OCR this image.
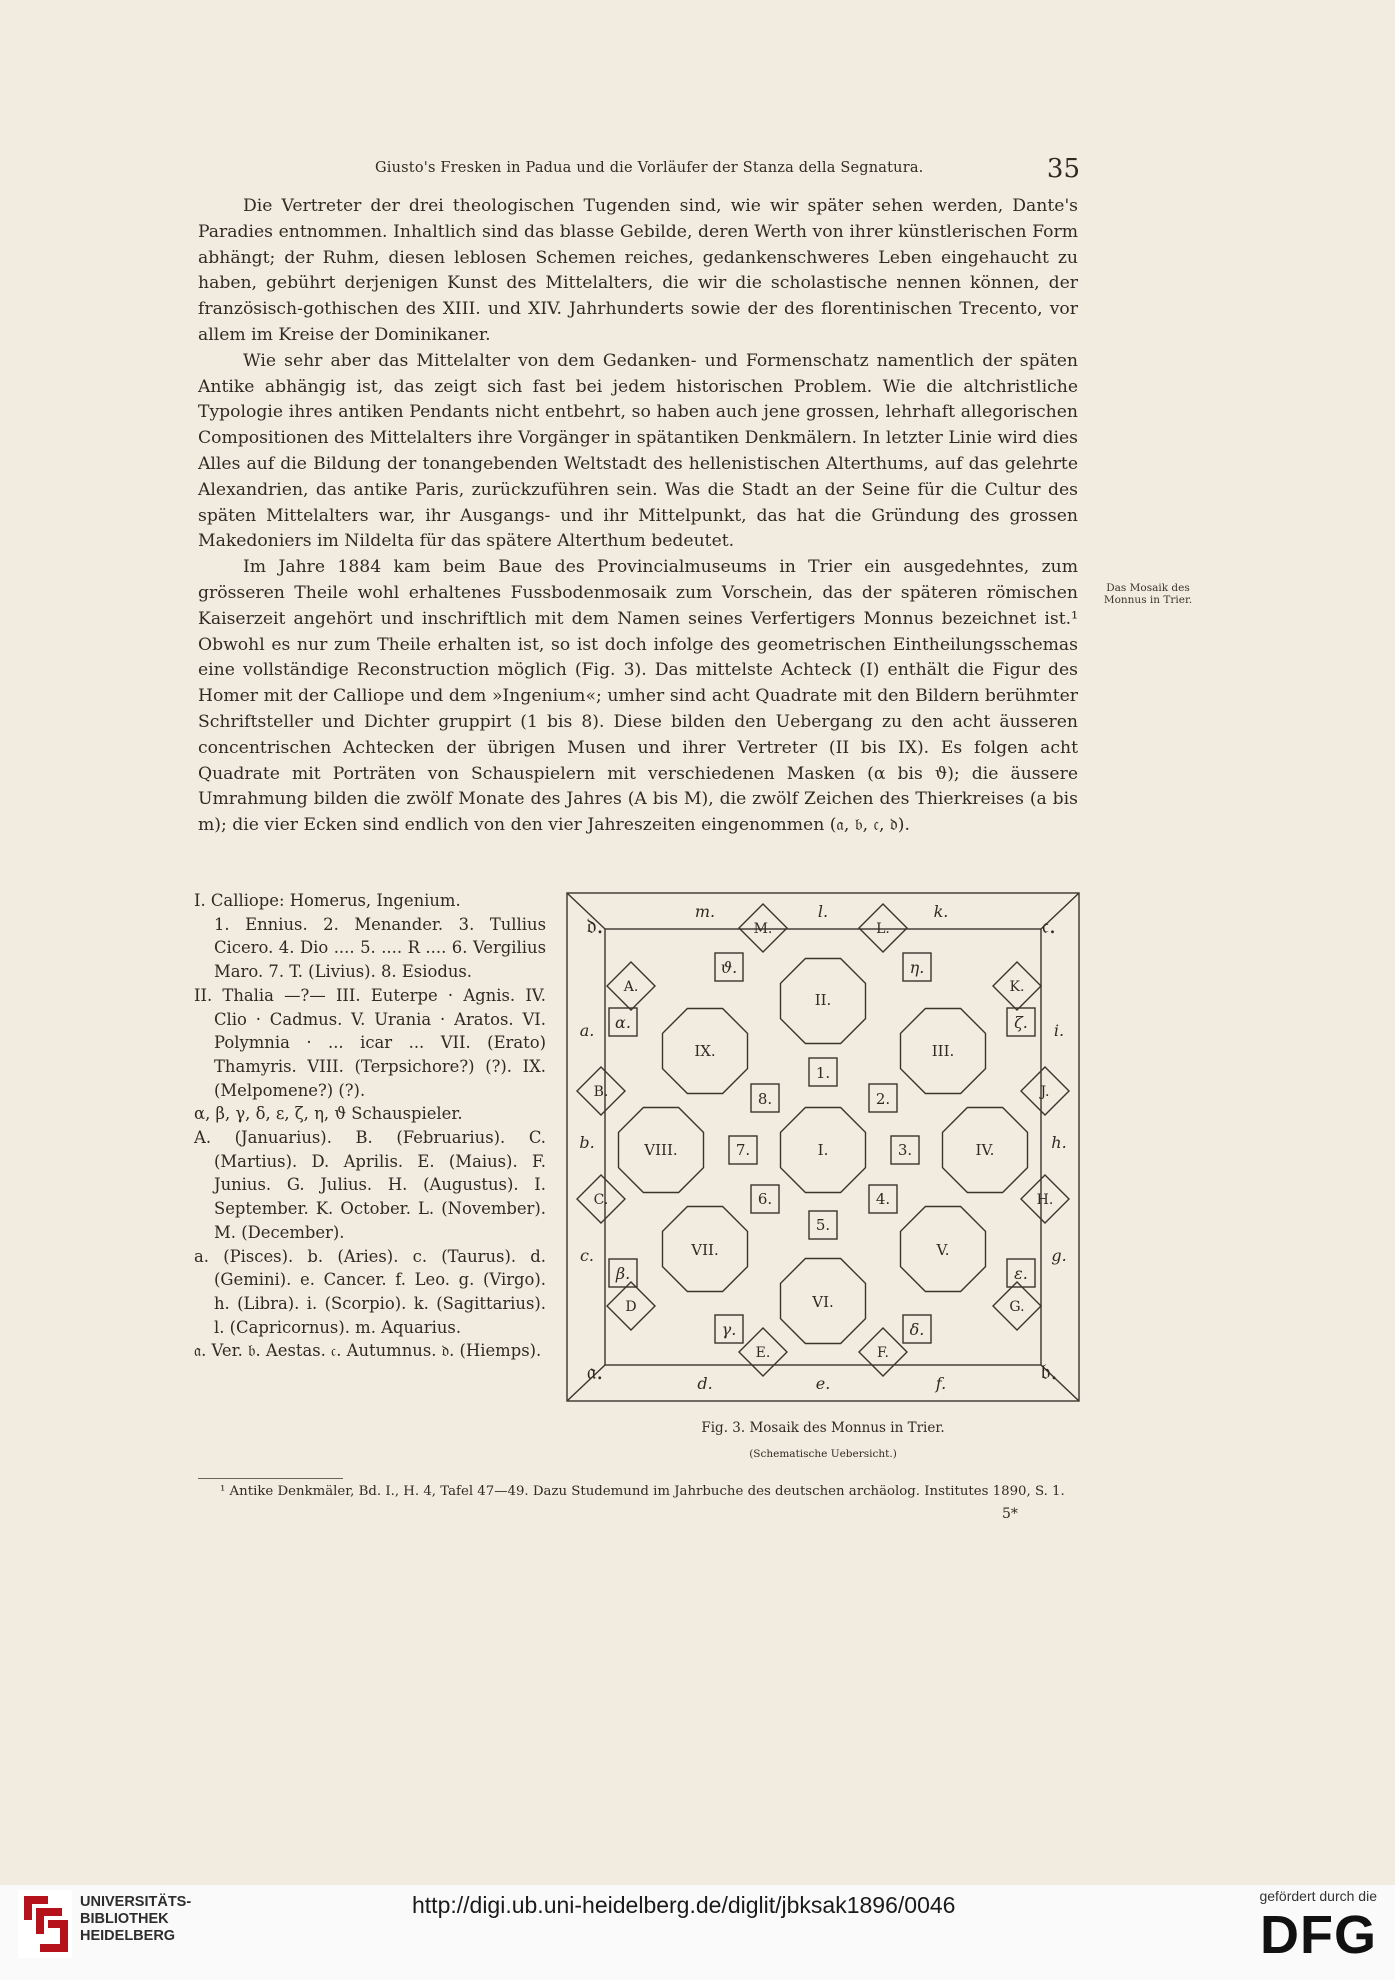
Giusto's Fresken in Padua und die Vorläufer der Stanza della Segnatura.	35

Die Vertreter der drei theologischen Tugenden sind, wie wir später sehen werden, Dante's Paradies entnommen. Inhaltlich sind das blasse Gebilde, deren Werth von ihrer künstlerischen Form abhängt; der Ruhm, diesen leblosen Schemen reiches, gedankenschweres Leben eingehaucht zu haben, gebührt derjenigen Kunst des Mittelalters, die wir die scholastische nennen können, der französisch-gothischen des XIII. und XIV. Jahrhunderts sowie der des florentinischen Trecento, vor allem im Kreise der Dominikaner.

Wie sehr aber das Mittelalter von dem Gedanken- und Formenschatz namentlich der späten Antike abhängig ist, das zeigt sich fast bei jedem historischen Problem. Wie die altchristliche Typologie ihres antiken Pendants nicht entbehrt, so haben auch jene grossen, lehrhaft allegorischen Compositionen des Mittelalters ihre Vorgänger in spätantiken Denkmälern. In letzter Linie wird dies Alles auf die Bildung der tonangebenden Weltstadt des hellenistischen Alterthums, auf das gelehrte Alexandrien, das antike Paris, zurückzuführen sein. Was die Stadt an der Seine für die Cultur des späten Mittelalters war, ihr Ausgangs- und ihr Mittelpunkt, das hat die Gründung des grossen Makedoniers im Nildelta für das spätere Alterthum bedeutet.

Im Jahre 1884 kam beim Baue des Provincialmuseums in Trier ein ausgedehntes, zum grösseren Theile wohl erhaltenes Fussbodenmosaik zum Vorschein, das der späteren römischen Kaiserzeit angehört und inschriftlich mit dem Namen seines Verfertigers Monnus bezeichnet ist.¹ Obwohl es nur zum Theile erhalten ist, so ist doch infolge des geometrischen Eintheilungsschemas eine vollständige Reconstruction möglich (Fig. 3). Das mittelste Achteck (I) enthält die Figur des Homer mit der Calliope und dem »Ingenium«; umher sind acht Quadrate mit den Bildern berühmter Schriftsteller und Dichter gruppirt (1 bis 8). Diese bilden den Uebergang zu den acht äusseren concentrischen Achtecken der übrigen Musen und ihrer Vertreter (II bis IX). Es folgen acht Quadrate mit Porträten von Schauspielern mit verschiedenen Masken (α bis ϑ); die äussere Umrahmung bilden die zwölf Monate des Jahres (A bis M), die zwölf Zeichen des Thierkreises (a bis m); die vier Ecken sind endlich von den vier Jahreszeiten eingenommen (𝔞, 𝔟, 𝔠, 𝔡).

Das Mosaik des Monnus in Trier.
I. Calliope: Homerus, Ingenium.
1. Ennius. 2. Menander. 3. Tullius Cicero. 4. Dio .... 5. .... R .... 6. Vergilius Maro. 7. T. (Livius). 8. Esiodus.
II. Thalia —?— III. Euterpe · Agnis. IV. Clio · Cadmus. V. Urania · Aratos. VI. Polymnia · ... icar ... VII. (Erato) Thamyris. VIII. (Terpsichore?) (?). IX. (Melpomene?) (?).
α, β, γ, δ, ε, ζ, η, ϑ Schauspieler.
A. (Januarius). B. (Februarius). C. (Martius). D. Aprilis. E. (Maius). F. Junius. G. Julius. H. (Augustus). I. September. K. October. L. (November). M. (December).
a. (Pisces). b. (Aries). c. (Taurus). d. (Gemini). e. Cancer. f. Leo. g. (Virgo). h. (Libra). i. (Scorpio). k. (Sagittarius). l. (Capricornus). m. Aquarius.
𝔞. Ver. 𝔟. Aestas. 𝔠. Autumnus. 𝔡. (Hiemps).
I.
II.
III.
IV.
V.
VI.
VII.
VIII.
IX.
1.
2.
3.
4.
5.
6.
7.
8.
α.
β.
γ.	δ.
ε.
ζ.
η.
ϑ.
A.
B.
C.
D
E.	F.
G.
H.
J.
K.
L.
M.
a.
b.
c.
d.	e.	f.
g.
h.
i.
k.
l.
m.
𝔞.	𝔟.
𝔠.
𝔡.
Fig. 3. Mosaik des Monnus in Trier.
(Schematische Uebersicht.)
¹ Antike Denkmäler, Bd. I., H. 4, Tafel 47—49. Dazu Studemund im Jahrbuche des deutschen archäolog. Institutes 1890, S. 1.
5*
UNIVERSITÄTS- BIBLIOTHEK HEIDELBERG
http://digi.ub.uni-heidelberg.de/diglit/jbksak1896/0046	gefördert durch die
DFG
